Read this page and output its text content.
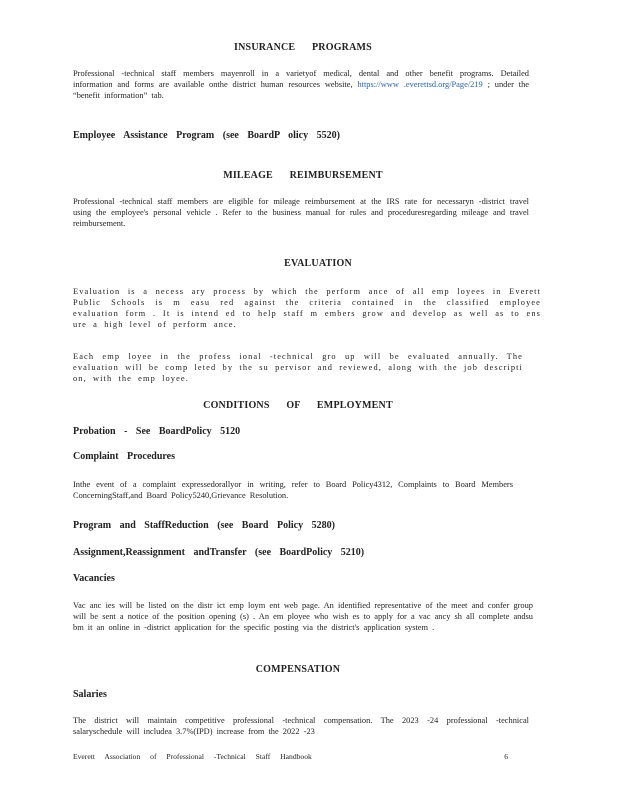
INSURANCE PROGRAMS

Professional -technical staff members mayenroll in a varietyof medical, dental and other benefit programs. Detailed information and forms are available onthe district human resources website, https://www .everettsd.org/Page/219 ; under the “benefit information” tab.

Employee Assistance Program (see BoardP olicy 5520)

MILEAGE REIMBURSEMENT

Professional -technical staff members are eligible for mileage reimbursement at the IRS rate for necessaryn -district travel using the employee's personal vehicle . Refer to the business manual for rules and proceduresregarding mileage and travel reimbursement.

EVALUATION

Evaluation is a necess ary process by which the perform ance of all emp loyees in Everett Public Schools is m easu red against the criteria contained in the classified employee evaluation form . It is intend ed to help staff m embers grow and develop as well as to ens ure a high level of perform ance.

Each emp loyee in the profess ional -technical gro up will be evaluated annually. The evaluation will be comp leted by the su pervisor and reviewed, along with the job descripti on, with the emp loyee.

CONDITIONS OF EMPLOYMENT

Probation - See BoardPolicy 5120

Complaint Procedures

Inthe event of a complaint expressedorallyor in writing, refer to Board Policy4312, Complaints to Board Members ConcerningStaff,and Board Policy5240,Grievance Resolution.

Program and StaffReduction (see Board Policy 5280)

Assignment,Reassignment andTransfer (see BoardPolicy 5210)

Vacancies

Vac anc ies will be listed on the distr ict emp loym ent web page. An identified representative of the meet and confer group will be sent a notice of the position opening (s) . An em ployee who wish es to apply for a vac ancy sh all complete andsu bm it an online in -district application for the specific posting via the district's application system .

COMPENSATION

Salaries

The district will maintain competitive professional -technical compensation. The 2023 -24 professional -technical salaryschedule will includea 3.7%(IPD) increase from the 2022 -23

Everett Association of Professional -Technical Staff Handbook	6
